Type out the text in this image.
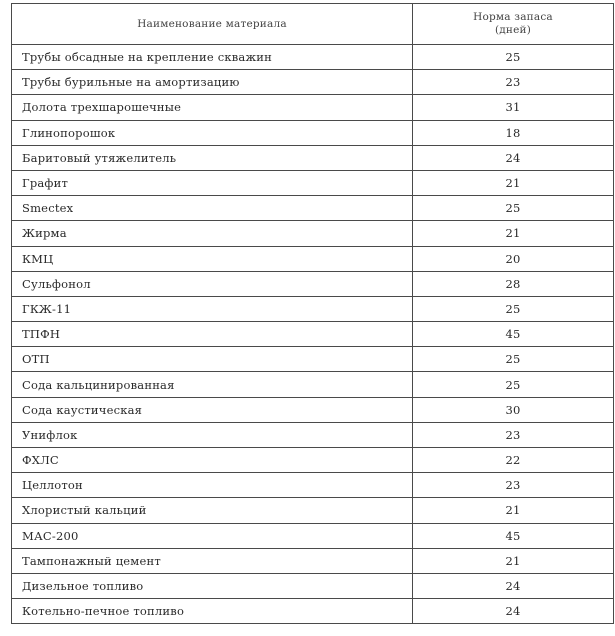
Наименование материала	Норма запаса
(дней)

Трубы обсадные на крепление скважин	25
Трубы бурильные на амортизацию	23
Долота трехшарошечные	31
Глинопорошок	18
Баритовый утяжелитель	24
Графит	21
Smectex	25
Жирма	21
КМЦ	20
Сульфонол	28
ГКЖ-11	25
ТПФН	45
ОТП	25
Сода кальцинированная	25
Сода каустическая	30
Унифлок	23
ФХЛС	22
Целлотон	23
Хлористый кальций	21
МАС-200	45
Тампонажный цемент	21
Дизельное топливо	24
Котельно-печное топливо	24
